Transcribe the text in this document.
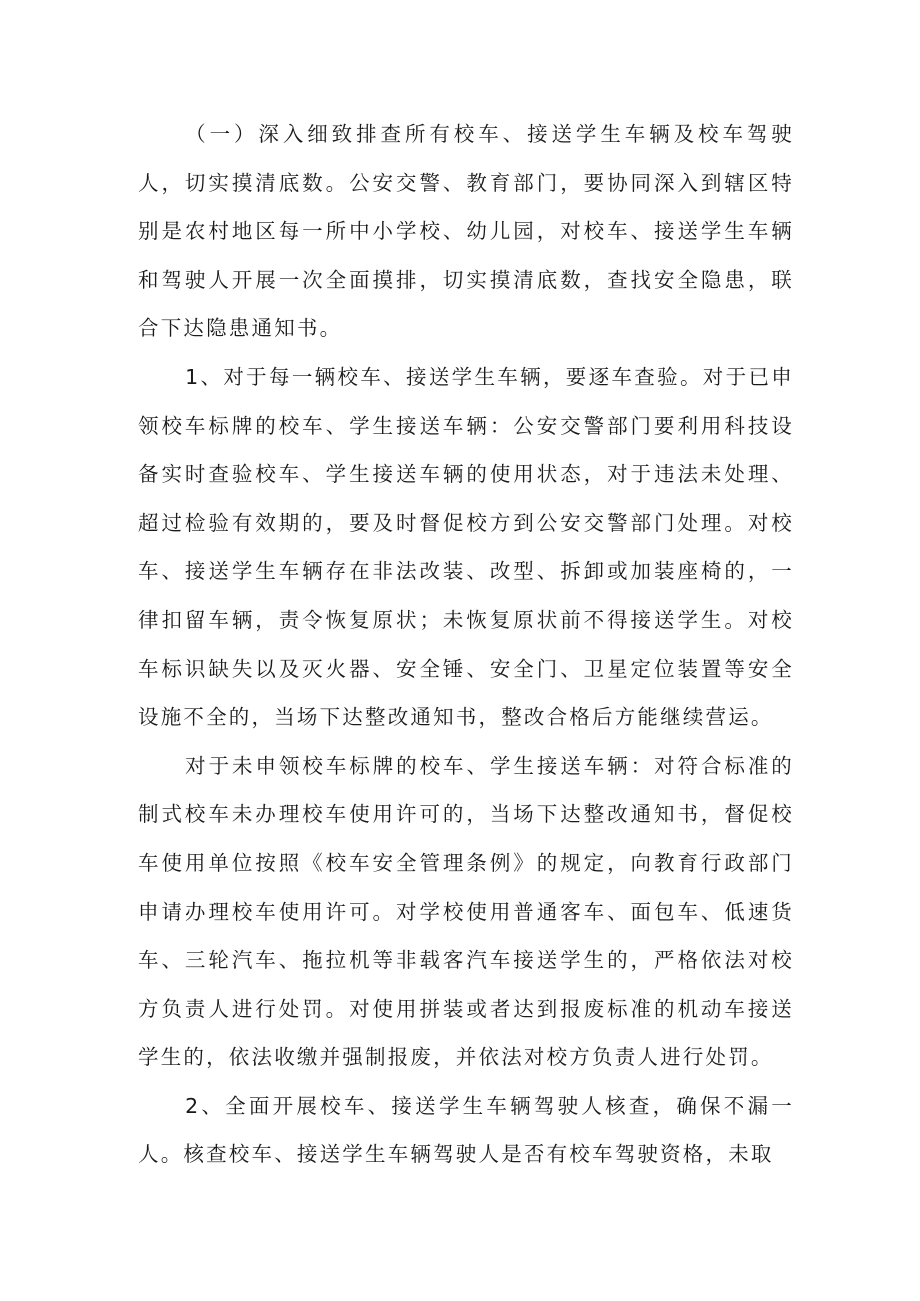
（一）深入细致排查所有校车、接送学生车辆及校车驾驶人，切实摸清底数。公安交警、教育部门，要协同深入到辖区特别是农村地区每一所中小学校、幼儿园，对校车、接送学生车辆和驾驶人开展一次全面摸排，切实摸清底数，查找安全隐患，联合下达隐患通知书。

1、对于每一辆校车、接送学生车辆，要逐车查验。对于已申领校车标牌的校车、学生接送车辆：公安交警部门要利用科技设备实时查验校车、学生接送车辆的使用状态，对于违法未处理、超过检验有效期的，要及时督促校方到公安交警部门处理。对校车、接送学生车辆存在非法改装、改型、拆卸或加装座椅的，一律扣留车辆，责令恢复原状；未恢复原状前不得接送学生。对校车标识缺失以及灭火器、安全锤、安全门、卫星定位装置等安全设施不全的，当场下达整改通知书，整改合格后方能继续营运。

对于未申领校车标牌的校车、学生接送车辆：对符合标准的制式校车未办理校车使用许可的，当场下达整改通知书，督促校车使用单位按照《校车安全管理条例》的规定，向教育行政部门申请办理校车使用许可。对学校使用普通客车、面包车、低速货车、三轮汽车、拖拉机等非载客汽车接送学生的，严格依法对校方负责人进行处罚。对使用拼装或者达到报废标准的机动车接送学生的，依法收缴并强制报废，并依法对校方负责人进行处罚。

2、全面开展校车、接送学生车辆驾驶人核查，确保不漏一人。核查校车、接送学生车辆驾驶人是否有校车驾驶资格，未取
